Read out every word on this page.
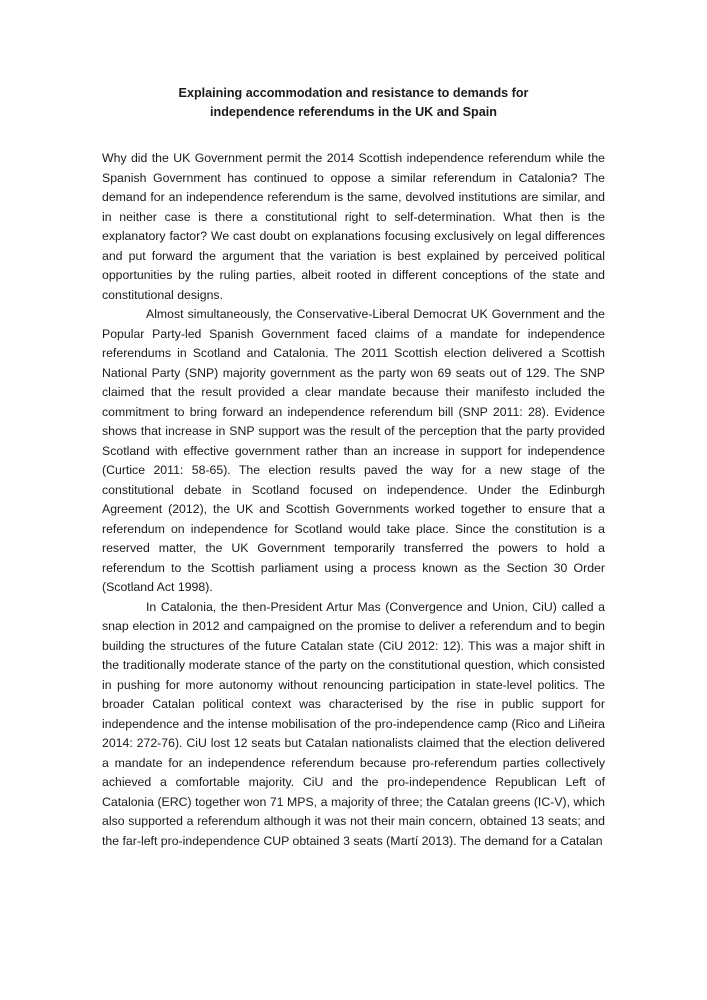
Explaining accommodation and resistance to demands for
independence referendums in the UK and Spain

Why did the UK Government permit the 2014 Scottish independence referendum while the Spanish Government has continued to oppose a similar referendum in Catalonia? The demand for an independence referendum is the same, devolved institutions are similar, and in neither case is there a constitutional right to self-determination. What then is the explanatory factor? We cast doubt on explanations focusing exclusively on legal differences and put forward the argument that the variation is best explained by perceived political opportunities by the ruling parties, albeit rooted in different conceptions of the state and constitutional designs.

Almost simultaneously, the Conservative-Liberal Democrat UK Government and the Popular Party-led Spanish Government faced claims of a mandate for independence referendums in Scotland and Catalonia. The 2011 Scottish election delivered a Scottish National Party (SNP) majority government as the party won 69 seats out of 129. The SNP claimed that the result provided a clear mandate because their manifesto included the commitment to bring forward an independence referendum bill (SNP 2011: 28). Evidence shows that increase in SNP support was the result of the perception that the party provided Scotland with effective government rather than an increase in support for independence (Curtice 2011: 58-65). The election results paved the way for a new stage of the constitutional debate in Scotland focused on independence. Under the Edinburgh Agreement (2012), the UK and Scottish Governments worked together to ensure that a referendum on independence for Scotland would take place. Since the constitution is a reserved matter, the UK Government temporarily transferred the powers to hold a referendum to the Scottish parliament using a process known as the Section 30 Order (Scotland Act 1998).

In Catalonia, the then-President Artur Mas (Convergence and Union, CiU) called a snap election in 2012 and campaigned on the promise to deliver a referendum and to begin building the structures of the future Catalan state (CiU 2012: 12). This was a major shift in the traditionally moderate stance of the party on the constitutional question, which consisted in pushing for more autonomy without renouncing participation in state-level politics. The broader Catalan political context was characterised by the rise in public support for independence and the intense mobilisation of the pro-independence camp (Rico and Liñeira 2014: 272-76). CiU lost 12 seats but Catalan nationalists claimed that the election delivered a mandate for an independence referendum because pro-referendum parties collectively achieved a comfortable majority. CiU and the pro-independence Republican Left of Catalonia (ERC) together won 71 MPS, a majority of three; the Catalan greens (IC-V), which also supported a referendum although it was not their main concern, obtained 13 seats; and the far-left pro-independence CUP obtained 3 seats (Martí 2013). The demand for a Catalan
